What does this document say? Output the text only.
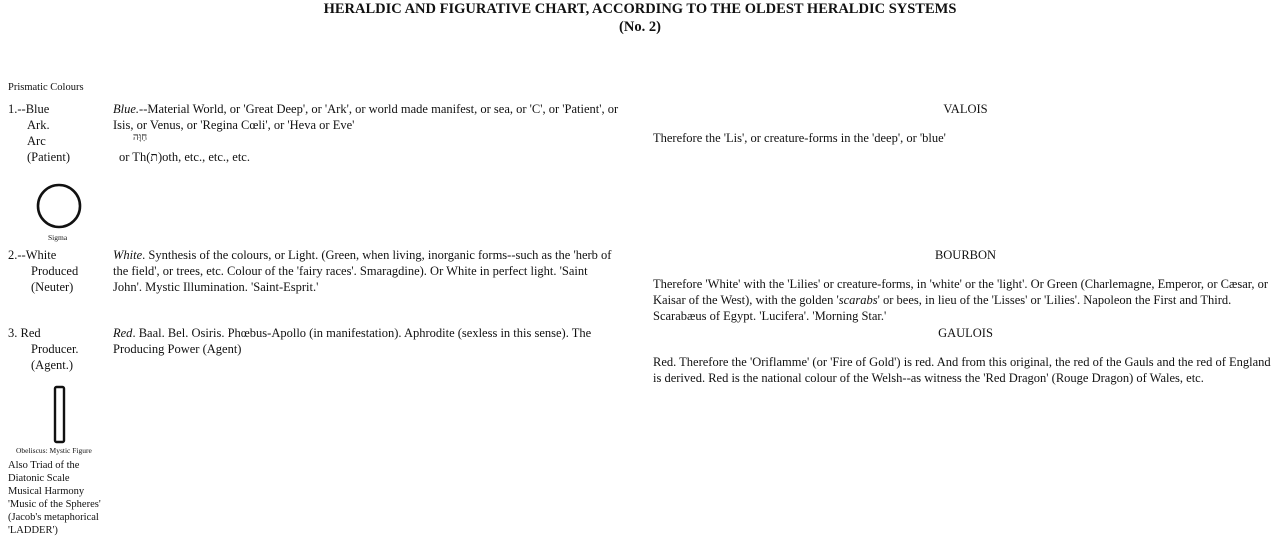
HERALDIC AND FIGURATIVE CHART, ACCORDING TO THE OLDEST HERALDIC SYSTEMS
(No. 2)
Prismatic Colours
1.--Blue
Ark.
Arc
(Patient)
Blue.--Material World, or 'Great Deep', or 'Ark', or world made manifest, or sea, or 'C', or 'Patient', or Isis, or Venus, or 'Regina Cœli', or 'Heva or Eve'
חַוָּה
or Th(ת)oth, etc., etc., etc.
VALOIS
Therefore the 'Lis', or creature-forms in the 'deep', or 'blue'
Sigma
2.--White
Produced
(Neuter)
White. Synthesis of the colours, or Light. (Green, when living, inorganic forms--such as the 'herb of the field', or trees, etc. Colour of the 'fairy races'. Smaragdine). Or White in perfect light. 'Saint John'. Mystic Illumination. 'Saint-Esprit.'
BOURBON
Therefore 'White' with the 'Lilies' or creature-forms, in 'white' or the 'light'. Or Green (Charlemagne, Emperor, or Cæsar, or Kaisar of the West), with the golden 'scarabs' or bees, in lieu of the 'Lisses' or 'Lilies'. Napoleon the First and Third. Scarabæus of Egypt. 'Lucifera'. 'Morning Star.'
3. Red
Producer.
(Agent.)
Red. Baal. Bel. Osiris. Phœbus-Apollo (in manifestation). Aphrodite (sexless in this sense). The Producing Power (Agent)
GAULOIS
Red. Therefore the 'Oriflamme' (or 'Fire of Gold') is red. And from this original, the red of the Gauls and the red of England is derived. Red is the national colour of the Welsh--as witness the 'Red Dragon' (Rouge Dragon) of Wales, etc.
Obeliscus: Mystic Figure
Also Triad of the
Diatonic Scale
Musical Harmony
'Music of the Spheres'
(Jacob's metaphorical
'LADDER')
